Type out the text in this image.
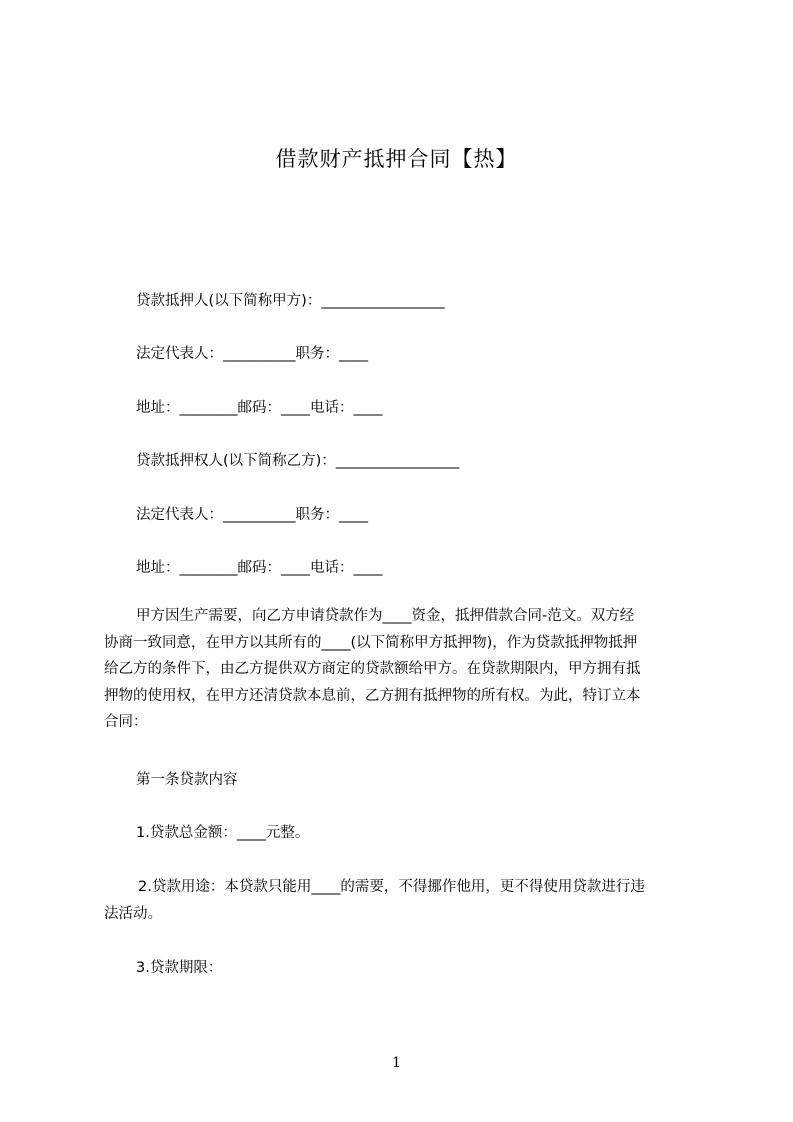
借款财产抵押合同【热】
贷款抵押人(以下简称甲方)：_________________
法定代表人：__________职务：____
地址：________邮码：____电话：____
贷款抵押权人(以下简称乙方)：_________________
法定代表人：__________职务：____
地址：________邮码：____电话：____
甲方因生产需要，向乙方申请贷款作为____资金，抵押借款合同-范文。双方经
协商一致同意，在甲方以其所有的____(以下简称甲方抵押物)，作为贷款抵押物抵押
给乙方的条件下，由乙方提供双方商定的贷款额给甲方。在贷款期限内，甲方拥有抵
押物的使用权，在甲方还清贷款本息前，乙方拥有抵押物的所有权。为此，特订立本
合同：
第一条贷款内容
1.贷款总金额：____元整。
2.贷款用途：本贷款只能用____的需要，不得挪作他用，更不得使用贷款进行违
法活动。
3.贷款期限：
1
